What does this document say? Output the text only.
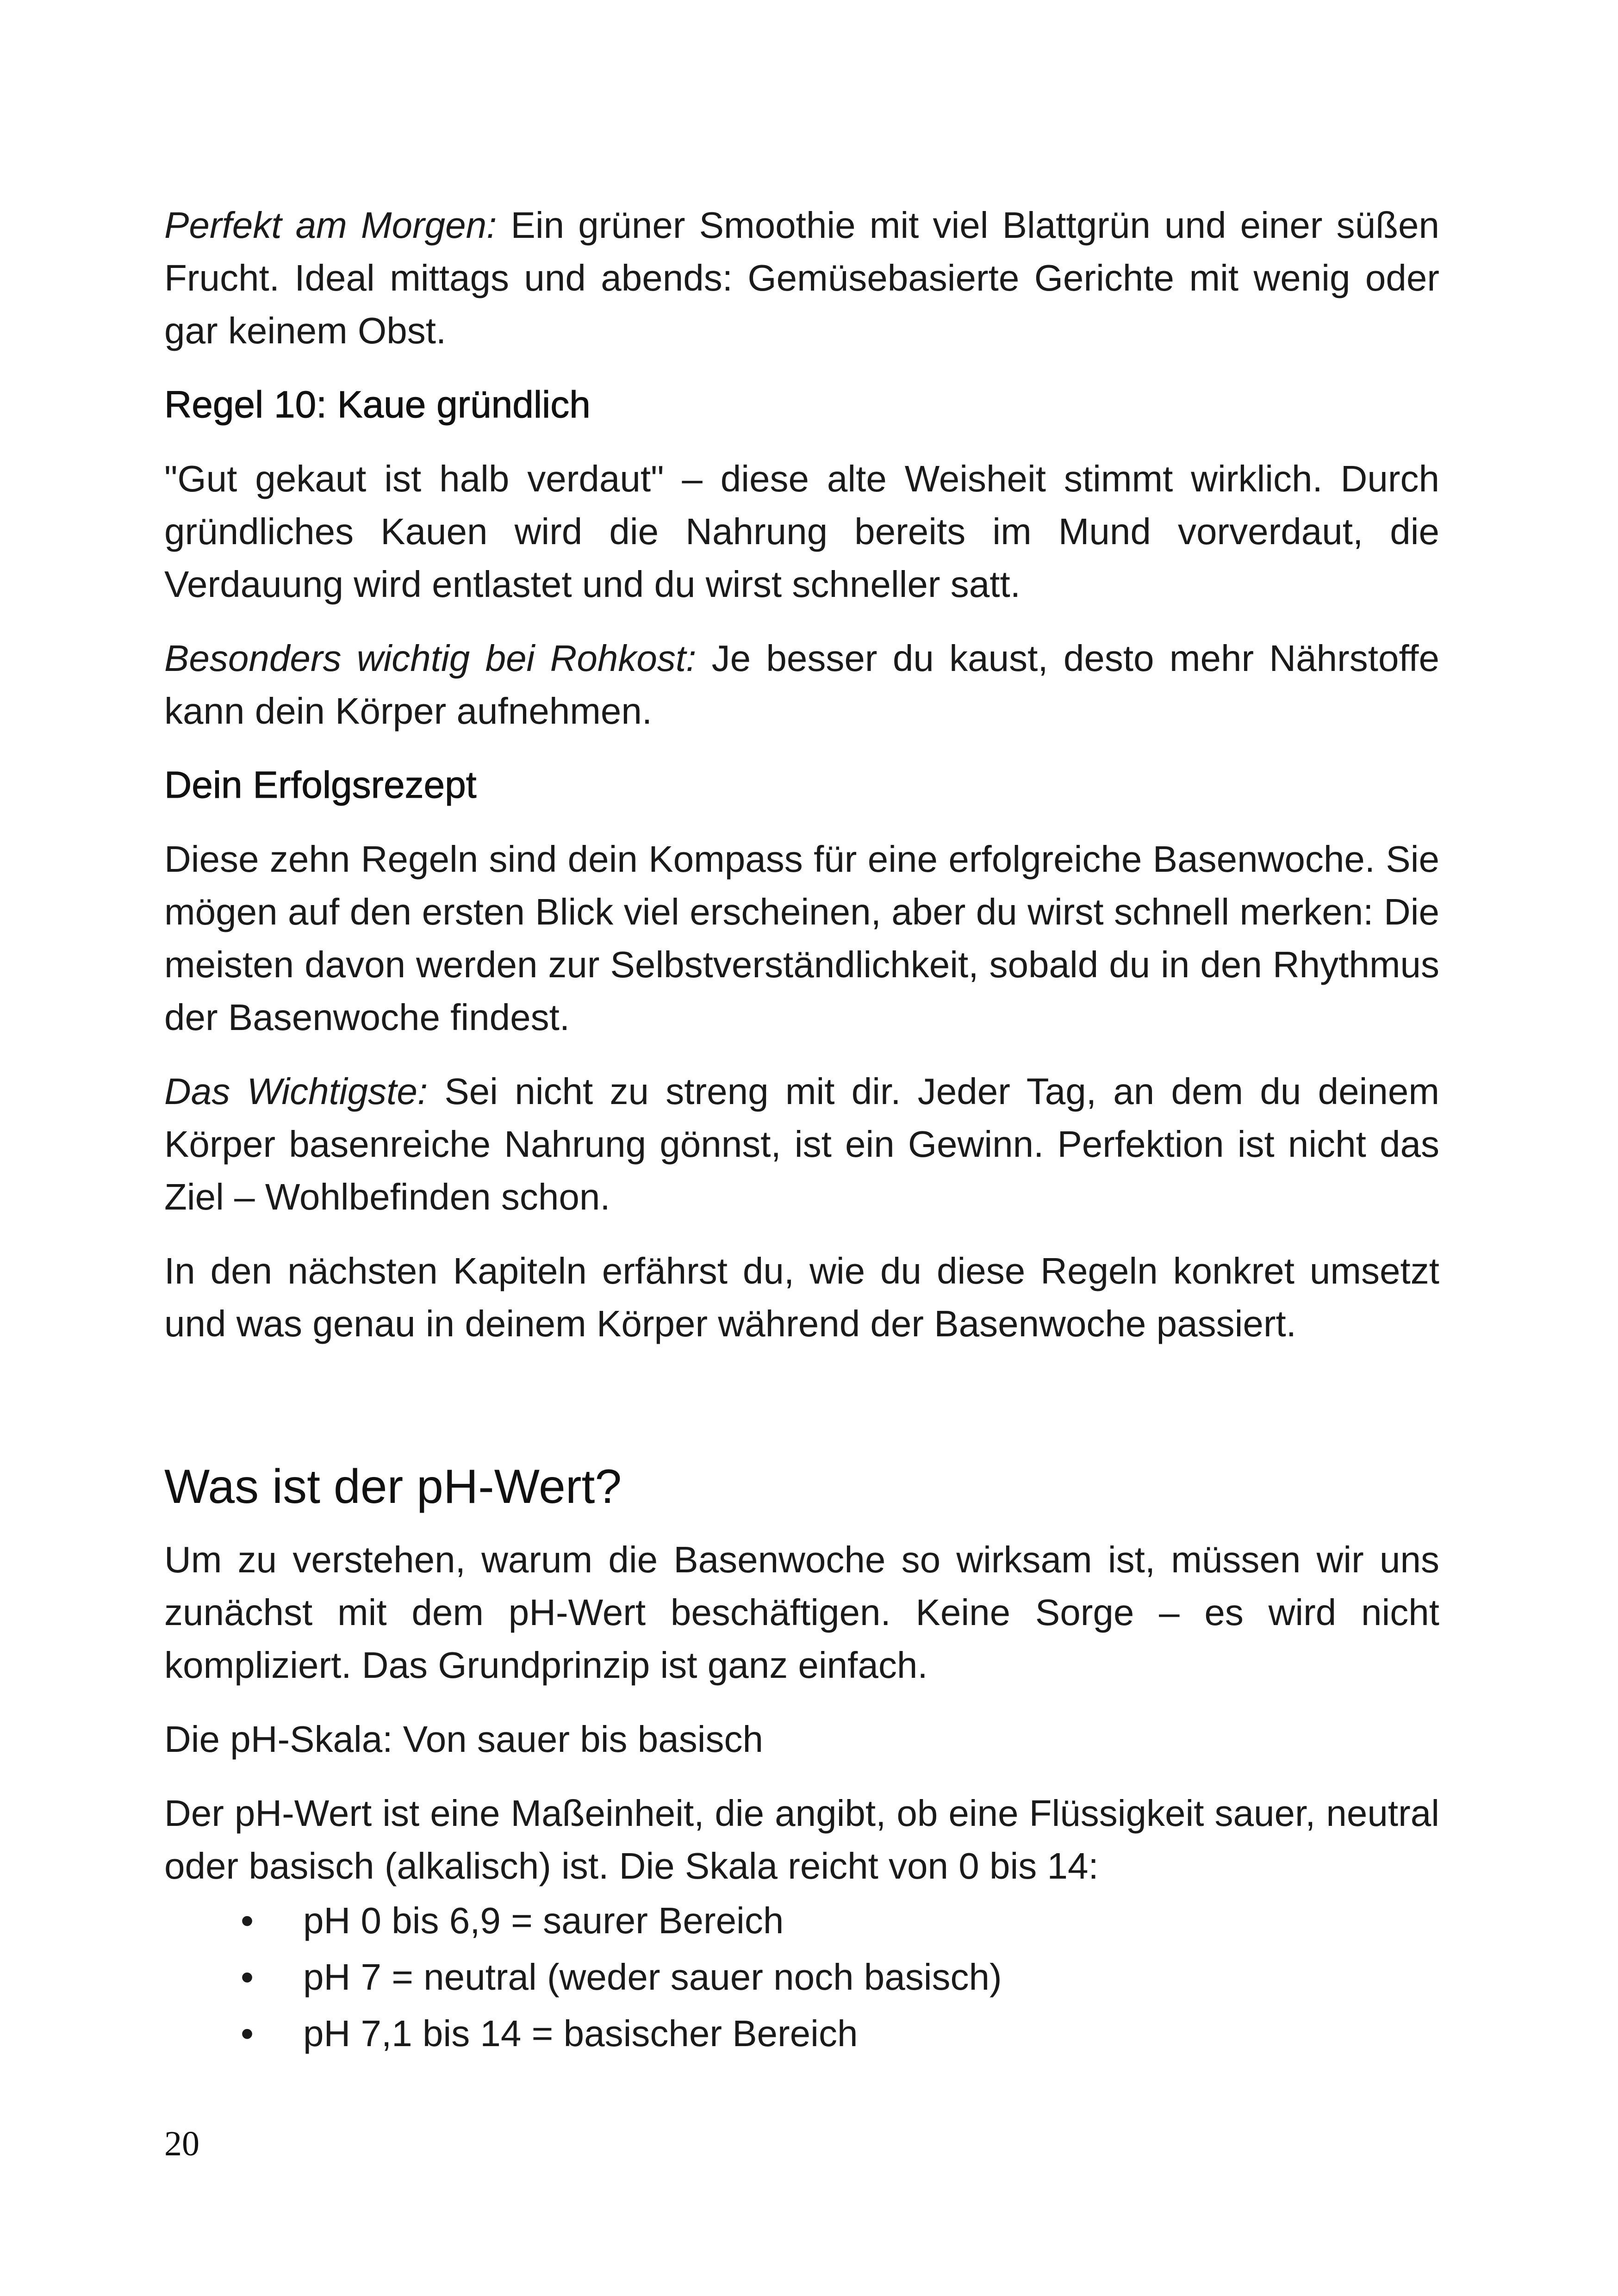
Perfekt am Morgen: Ein grüner Smoothie mit viel Blattgrün und einer süßen Frucht. Ideal mittags und abends: Gemüsebasierte Gerichte mit wenig oder gar keinem Obst.

Regel 10: Kaue gründlich

"Gut gekaut ist halb verdaut" – diese alte Weisheit stimmt wirklich. Durch gründliches Kauen wird die Nahrung bereits im Mund vorverdaut, die Verdauung wird entlastet und du wirst schneller satt.

Besonders wichtig bei Rohkost: Je besser du kaust, desto mehr Nährstoffe kann dein Körper aufnehmen.

Dein Erfolgsrezept

Diese zehn Regeln sind dein Kompass für eine erfolgreiche Basenwoche. Sie mögen auf den ersten Blick viel erscheinen, aber du wirst schnell merken: Die meisten davon werden zur Selbstverständlichkeit, sobald du in den Rhythmus der Basenwoche findest.

Das Wichtigste: Sei nicht zu streng mit dir. Jeder Tag, an dem du deinem Körper basenreiche Nahrung gönnst, ist ein Gewinn. Perfektion ist nicht das Ziel – Wohlbefinden schon.

In den nächsten Kapiteln erfährst du, wie du diese Regeln konkret umsetzt und was genau in deinem Körper während der Basenwoche passiert.

Was ist der pH-Wert?

Um zu verstehen, warum die Basenwoche so wirksam ist, müssen wir uns zunächst mit dem pH-Wert beschäftigen. Keine Sorge – es wird nicht kompliziert. Das Grundprinzip ist ganz einfach.

Die pH-Skala: Von sauer bis basisch

Der pH-Wert ist eine Maßeinheit, die angibt, ob eine Flüssigkeit sauer, neutral oder basisch (alkalisch) ist. Die Skala reicht von 0 bis 14:

• pH 0 bis 6,9 = saurer Bereich
• pH 7 = neutral (weder sauer noch basisch)
• pH 7,1 bis 14 = basischer Bereich
20
